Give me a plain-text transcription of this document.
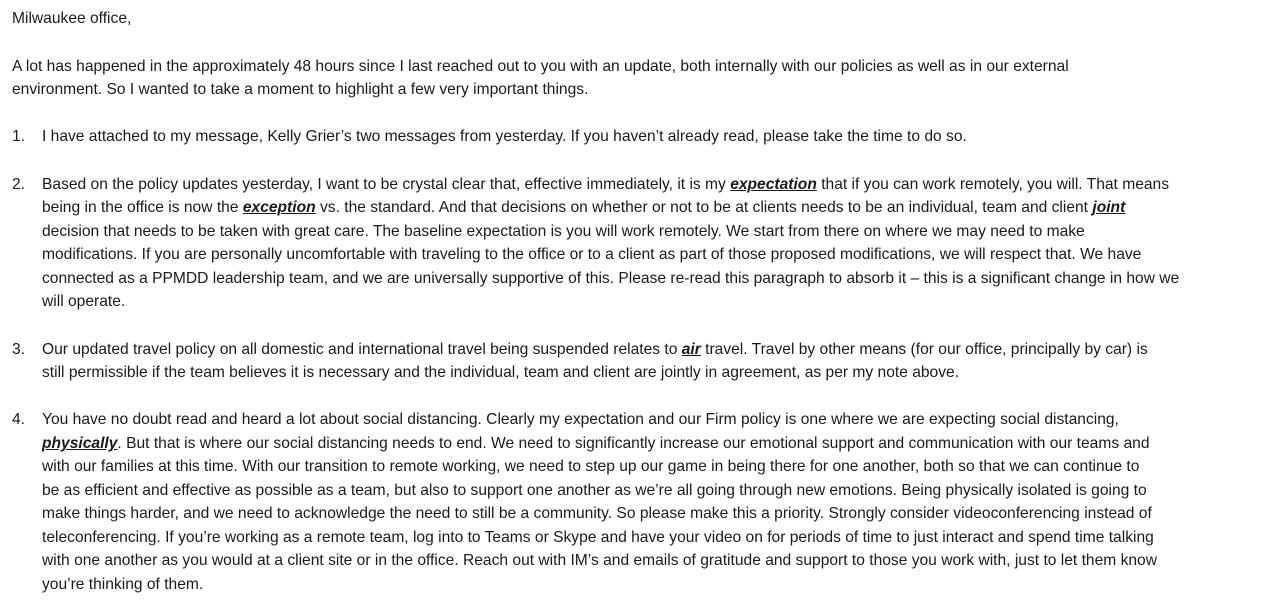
Milwaukee office,
A lot has happened in the approximately 48 hours since I last reached out to you with an update, both internally with our policies as well as in our external
environment. So I wanted to take a moment to highlight a few very important things.
1. I have attached to my message, Kelly Grier’s two messages from yesterday. If you haven’t already read, please take the time to do so.
2. Based on the policy updates yesterday, I want to be crystal clear that, effective immediately, it is my expectation that if you can work remotely, you will. That means
being in the office is now the exception vs. the standard. And that decisions on whether or not to be at clients needs to be an individual, team and client joint
decision that needs to be taken with great care. The baseline expectation is you will work remotely. We start from there on where we may need to make
modifications. If you are personally uncomfortable with traveling to the office or to a client as part of those proposed modifications, we will respect that. We have
connected as a PPMDD leadership team, and we are universally supportive of this. Please re-read this paragraph to absorb it – this is a significant change in how we
will operate.
3. Our updated travel policy on all domestic and international travel being suspended relates to air travel. Travel by other means (for our office, principally by car) is
still permissible if the team believes it is necessary and the individual, team and client are jointly in agreement, as per my note above.
4. You have no doubt read and heard a lot about social distancing. Clearly my expectation and our Firm policy is one where we are expecting social distancing,
physically. But that is where our social distancing needs to end. We need to significantly increase our emotional support and communication with our teams and
with our families at this time. With our transition to remote working, we need to step up our game in being there for one another, both so that we can continue to
be as efficient and effective as possible as a team, but also to support one another as we’re all going through new emotions. Being physically isolated is going to
make things harder, and we need to acknowledge the need to still be a community. So please make this a priority. Strongly consider videoconferencing instead of
teleconferencing. If you’re working as a remote team, log into to Teams or Skype and have your video on for periods of time to just interact and spend time talking
with one another as you would at a client site or in the office. Reach out with IM’s and emails of gratitude and support to those you work with, just to let them know
you’re thinking of them.
